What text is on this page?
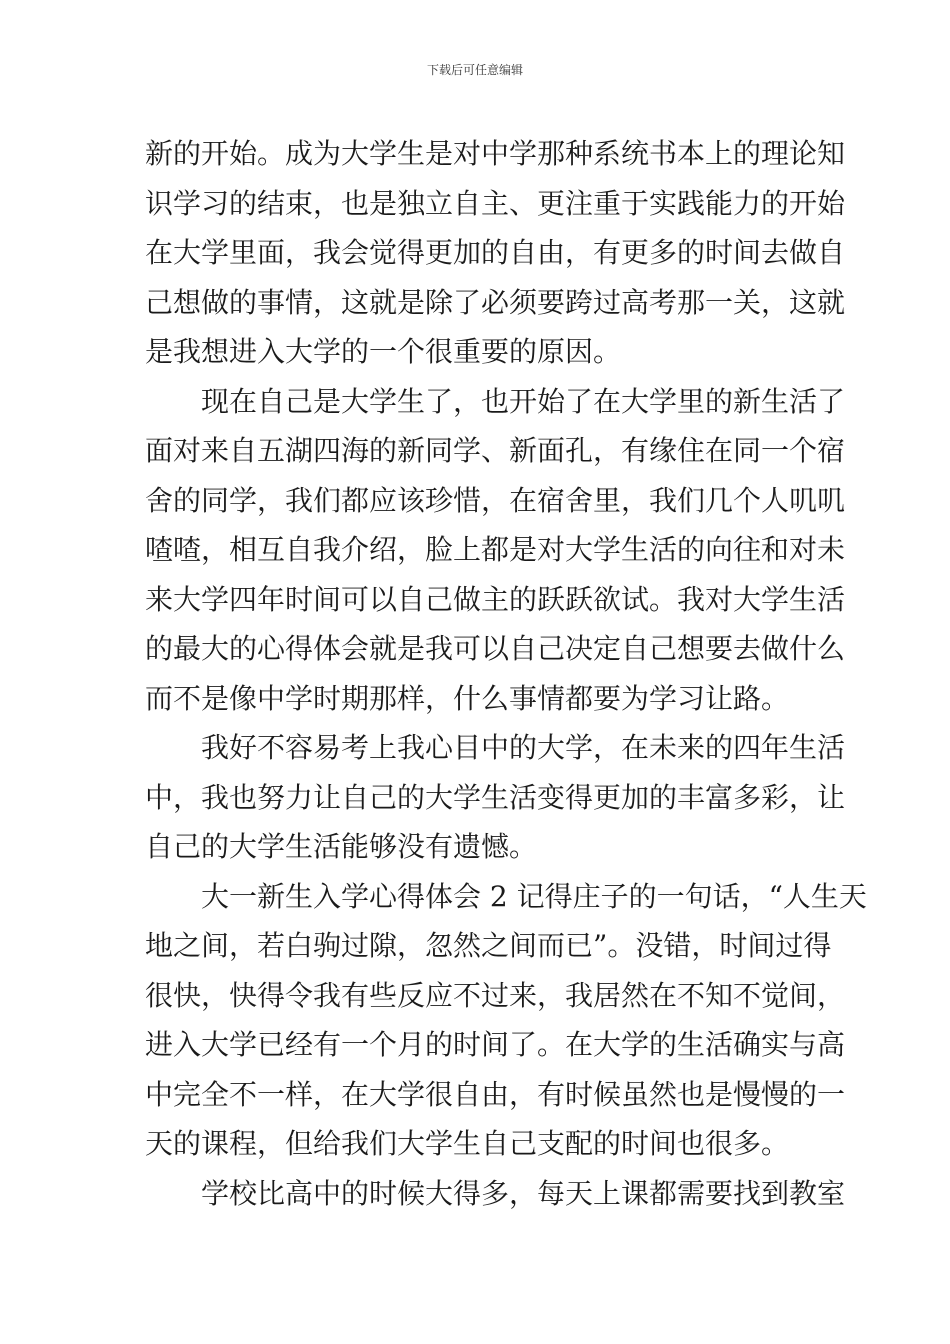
下载后可任意编辑
新的开始。成为大学生是对中学那种系统书本上的理论知
识学习的结束，也是独立自主、更注重于实践能力的开始
在大学里面，我会觉得更加的自由，有更多的时间去做自
己想做的事情，这就是除了必须要跨过高考那一关，这就
是我想进入大学的一个很重要的原因。
现在自己是大学生了，也开始了在大学里的新生活了
面对来自五湖四海的新同学、新面孔，有缘住在同一个宿
舍的同学，我们都应该珍惜，在宿舍里，我们几个人叽叽
喳喳，相互自我介绍，脸上都是对大学生活的向往和对未
来大学四年时间可以自己做主的跃跃欲试。我对大学生活
的最大的心得体会就是我可以自己决定自己想要去做什么
而不是像中学时期那样，什么事情都要为学习让路。
我好不容易考上我心目中的大学，在未来的四年生活
中，我也努力让自己的大学生活变得更加的丰富多彩，让
自己的大学生活能够没有遗憾。
大一新生入学心得体会 2 记得庄子的一句话，“人生天
地之间，若白驹过隙，忽然之间而已”。没错，时间过得
很快，快得令我有些反应不过来，我居然在不知不觉间，
进入大学已经有一个月的时间了。在大学的生活确实与高
中完全不一样，在大学很自由，有时候虽然也是慢慢的一
天的课程，但给我们大学生自己支配的时间也很多。
学校比高中的时候大得多，每天上课都需要找到教室
